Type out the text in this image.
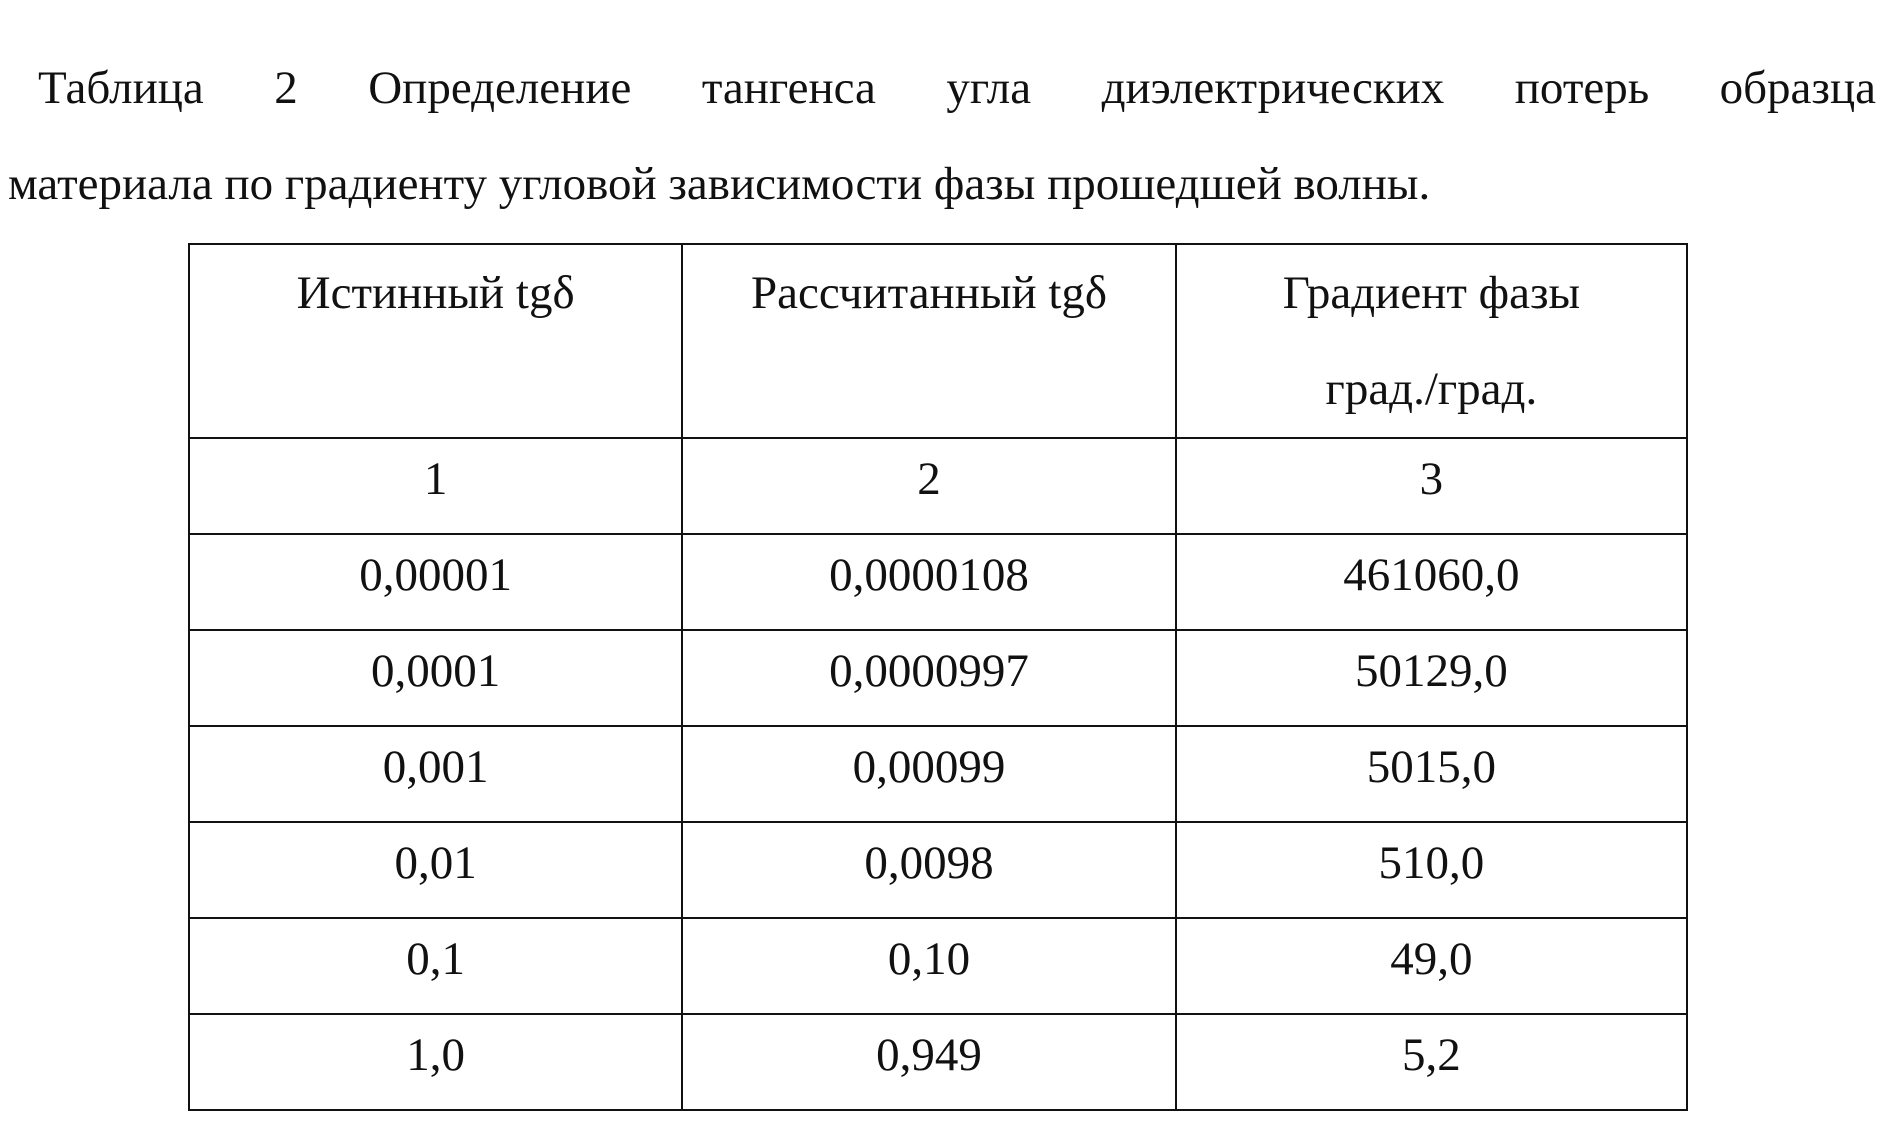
Таблица 2 Определение тангенса угла диэлектрических потерь образца
материала по градиенту угловой зависимости фазы прошедшей волны.
Истинный tgδ	Рассчитанный tgδ	Градиент фазы
град./град.
1	2	3
0,00001	0,0000108	461060,0
0,0001	0,0000997	50129,0
0,001	0,00099	5015,0
0,01	0,0098	510,0
0,1	0,10	49,0
1,0	0,949	5,2
